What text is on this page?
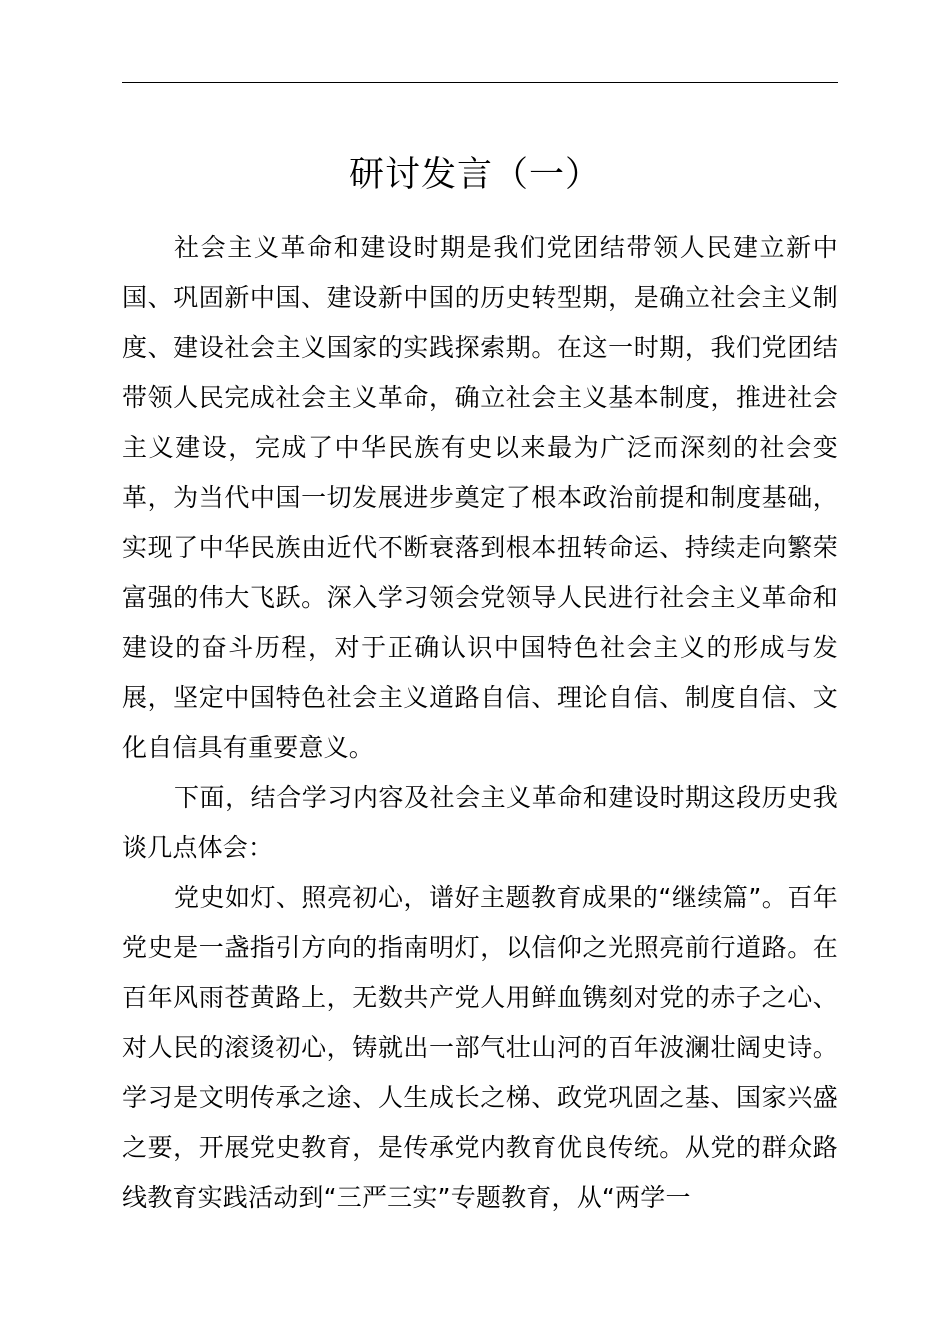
研讨发言（一）

社会主义革命和建设时期是我们党团结带领人民建立新中国、巩固新中国、建设新中国的历史转型期，是确立社会主义制度、建设社会主义国家的实践探索期。在这一时期，我们党团结带领人民完成社会主义革命，确立社会主义基本制度，推进社会主义建设，完成了中华民族有史以来最为广泛而深刻的社会变革，为当代中国一切发展进步奠定了根本政治前提和制度基础，实现了中华民族由近代不断衰落到根本扭转命运、持续走向繁荣富强的伟大飞跃。深入学习领会党领导人民进行社会主义革命和建设的奋斗历程，对于正确认识中国特色社会主义的形成与发展，坚定中国特色社会主义道路自信、理论自信、制度自信、文化自信具有重要意义。

下面，结合学习内容及社会主义革命和建设时期这段历史我谈几点体会：

党史如灯、照亮初心，谱好主题教育成果的“继续篇”。百年党史是一盏指引方向的指南明灯，以信仰之光照亮前行道路。在百年风雨苍黄路上，无数共产党人用鲜血镌刻对党的赤子之心、对人民的滚烫初心，铸就出一部气壮山河的百年波澜壮阔史诗。学习是文明传承之途、人生成长之梯、政党巩固之基、国家兴盛之要，开展党史教育，是传承党内教育优良传统。从党的群众路线教育实践活动到“三严三实”专题教育，从“两学一
